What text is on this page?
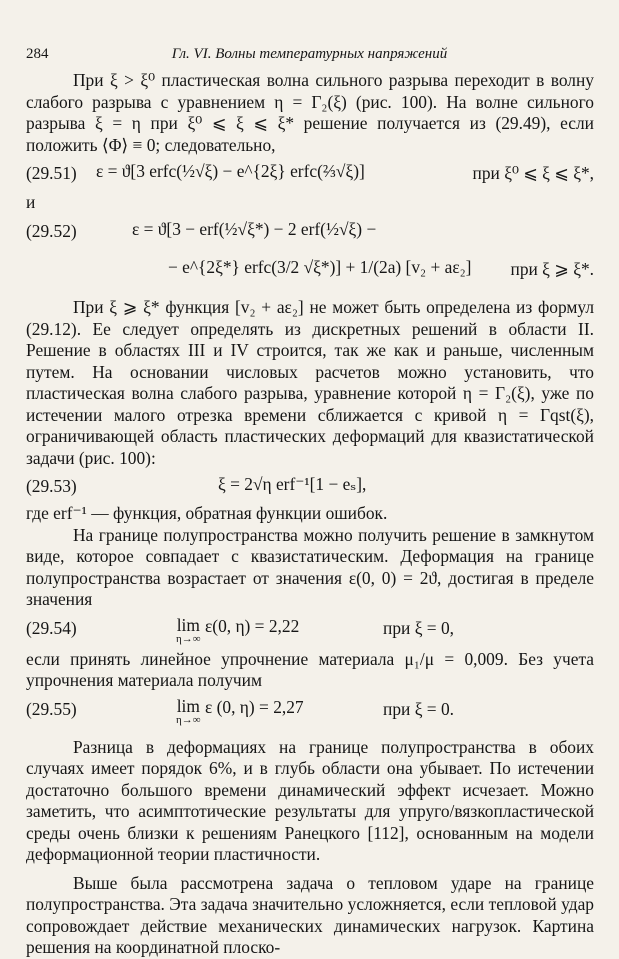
284	Гл. VI. Волны температурных напряжений

При ξ > ξ⁰ пластическая волна сильного разрыва переходит в волну слабого разрыва с уравнением η = Γ₂(ξ) (рис. 100). На волне сильного разрыва ξ = η при ξ⁰ ⩽ ξ ⩽ ξ* решение получается из (29.49), если положить ⟨Φ⟩ ≡ 0; следовательно,

(29.51) ε = ϑ[3 erfc(½√ξ) − e^{2ξ} erfc(⅔√ξ)]	при ξ⁰ ⩽ ξ ⩽ ξ*,
и
(29.52)	ε = ϑ[3 − erf(½√ξ*) − 2 erf(½√ξ) −
− e^{2ξ*} erfc(3/2 √ξ*)] + 1/(2a) [v₂ + aε₂] при ξ ⩾ ξ*.

При ξ ⩾ ξ* функция [v₂ + aε₂] не может быть определена из формул (29.12). Ее следует определять из дискретных решений в области II. Решение в областях III и IV строится, так же как и раньше, численным путем. На основании числовых расчетов можно установить, что пластическая волна слабого разрыва, уравнение которой η = Γ₂(ξ), уже по истечении малого отрезка времени сближается с кривой η = Γqst(ξ), ограничивающей область пластических деформаций для квазистатической задачи (рис. 100):

(29.53)	ξ = 2√η erf⁻¹[1 − eₛ],

где erf⁻¹ — функция, обратная функции ошибок.

На границе полупространства можно получить решение в замкнутом виде, которое совпадает с квазистатическим. Деформация на границе полупространства возрастает от значения ε(0, 0) = 2ϑ, достигая в пределе значения

(29.54)	lim
η→∞
ε(0, η) = 2,22	при ξ = 0,

если принять линейное упрочнение материала μ₁/μ = 0,009. Без учета упрочнения материала получим

(29.55)	lim
η→∞
ε (0, η) = 2,27	при ξ = 0.

Разница в деформациях на границе полупространства в обоих случаях имеет порядок 6%, и в глубь области она убывает. По истечении достаточно большого времени динамический эффект исчезает. Можно заметить, что асимптотические результаты для упруго/вязкопластической среды очень близки к решениям Ранецкого [112], основанным на модели деформационной теории пластичности.

Выше была рассмотрена задача о тепловом ударе на границе полупространства. Эта задача значительно усложняется, если тепловой удар сопровождает действие механических динамических нагрузок. Картина решения на координатной плоско-
